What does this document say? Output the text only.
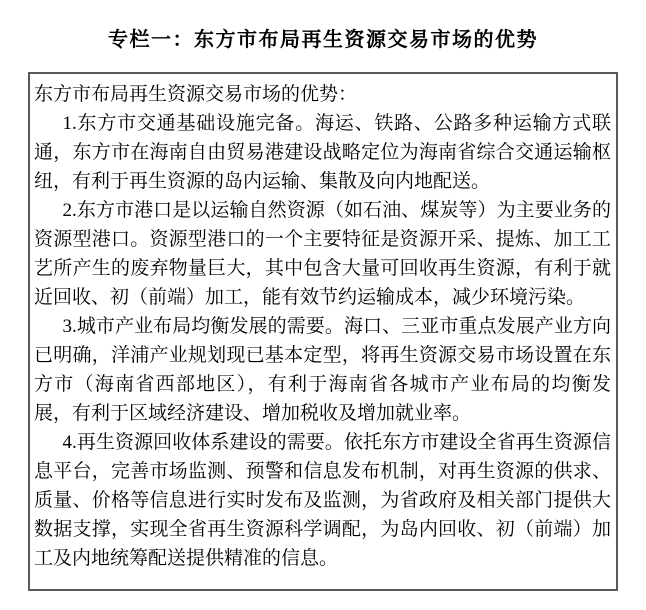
专栏一：东方市布局再生资源交易市场的优势

东方市布局再生资源交易市场的优势：

1.东方市交通基础设施完备。海运、铁路、公路多种运输方式联通，东方市在海南自由贸易港建设战略定位为海南省综合交通运输枢纽，有利于再生资源的岛内运输、集散及向内地配送。

2.东方市港口是以运输自然资源（如石油、煤炭等）为主要业务的资源型港口。资源型港口的一个主要特征是资源开采、提炼、加工工艺所产生的废弃物量巨大，其中包含大量可回收再生资源，有利于就近回收、初（前端）加工，能有效节约运输成本，减少环境污染。

3.城市产业布局均衡发展的需要。海口、三亚市重点发展产业方向已明确，洋浦产业规划现已基本定型，将再生资源交易市场设置在东方市（海南省西部地区），有利于海南省各城市产业布局的均衡发展，有利于区域经济建设、增加税收及增加就业率。

4.再生资源回收体系建设的需要。依托东方市建设全省再生资源信息平台，完善市场监测、预警和信息发布机制，对再生资源的供求、质量、价格等信息进行实时发布及监测，为省政府及相关部门提供大数据支撑，实现全省再生资源科学调配，为岛内回收、初（前端）加工及内地统筹配送提供精准的信息。
